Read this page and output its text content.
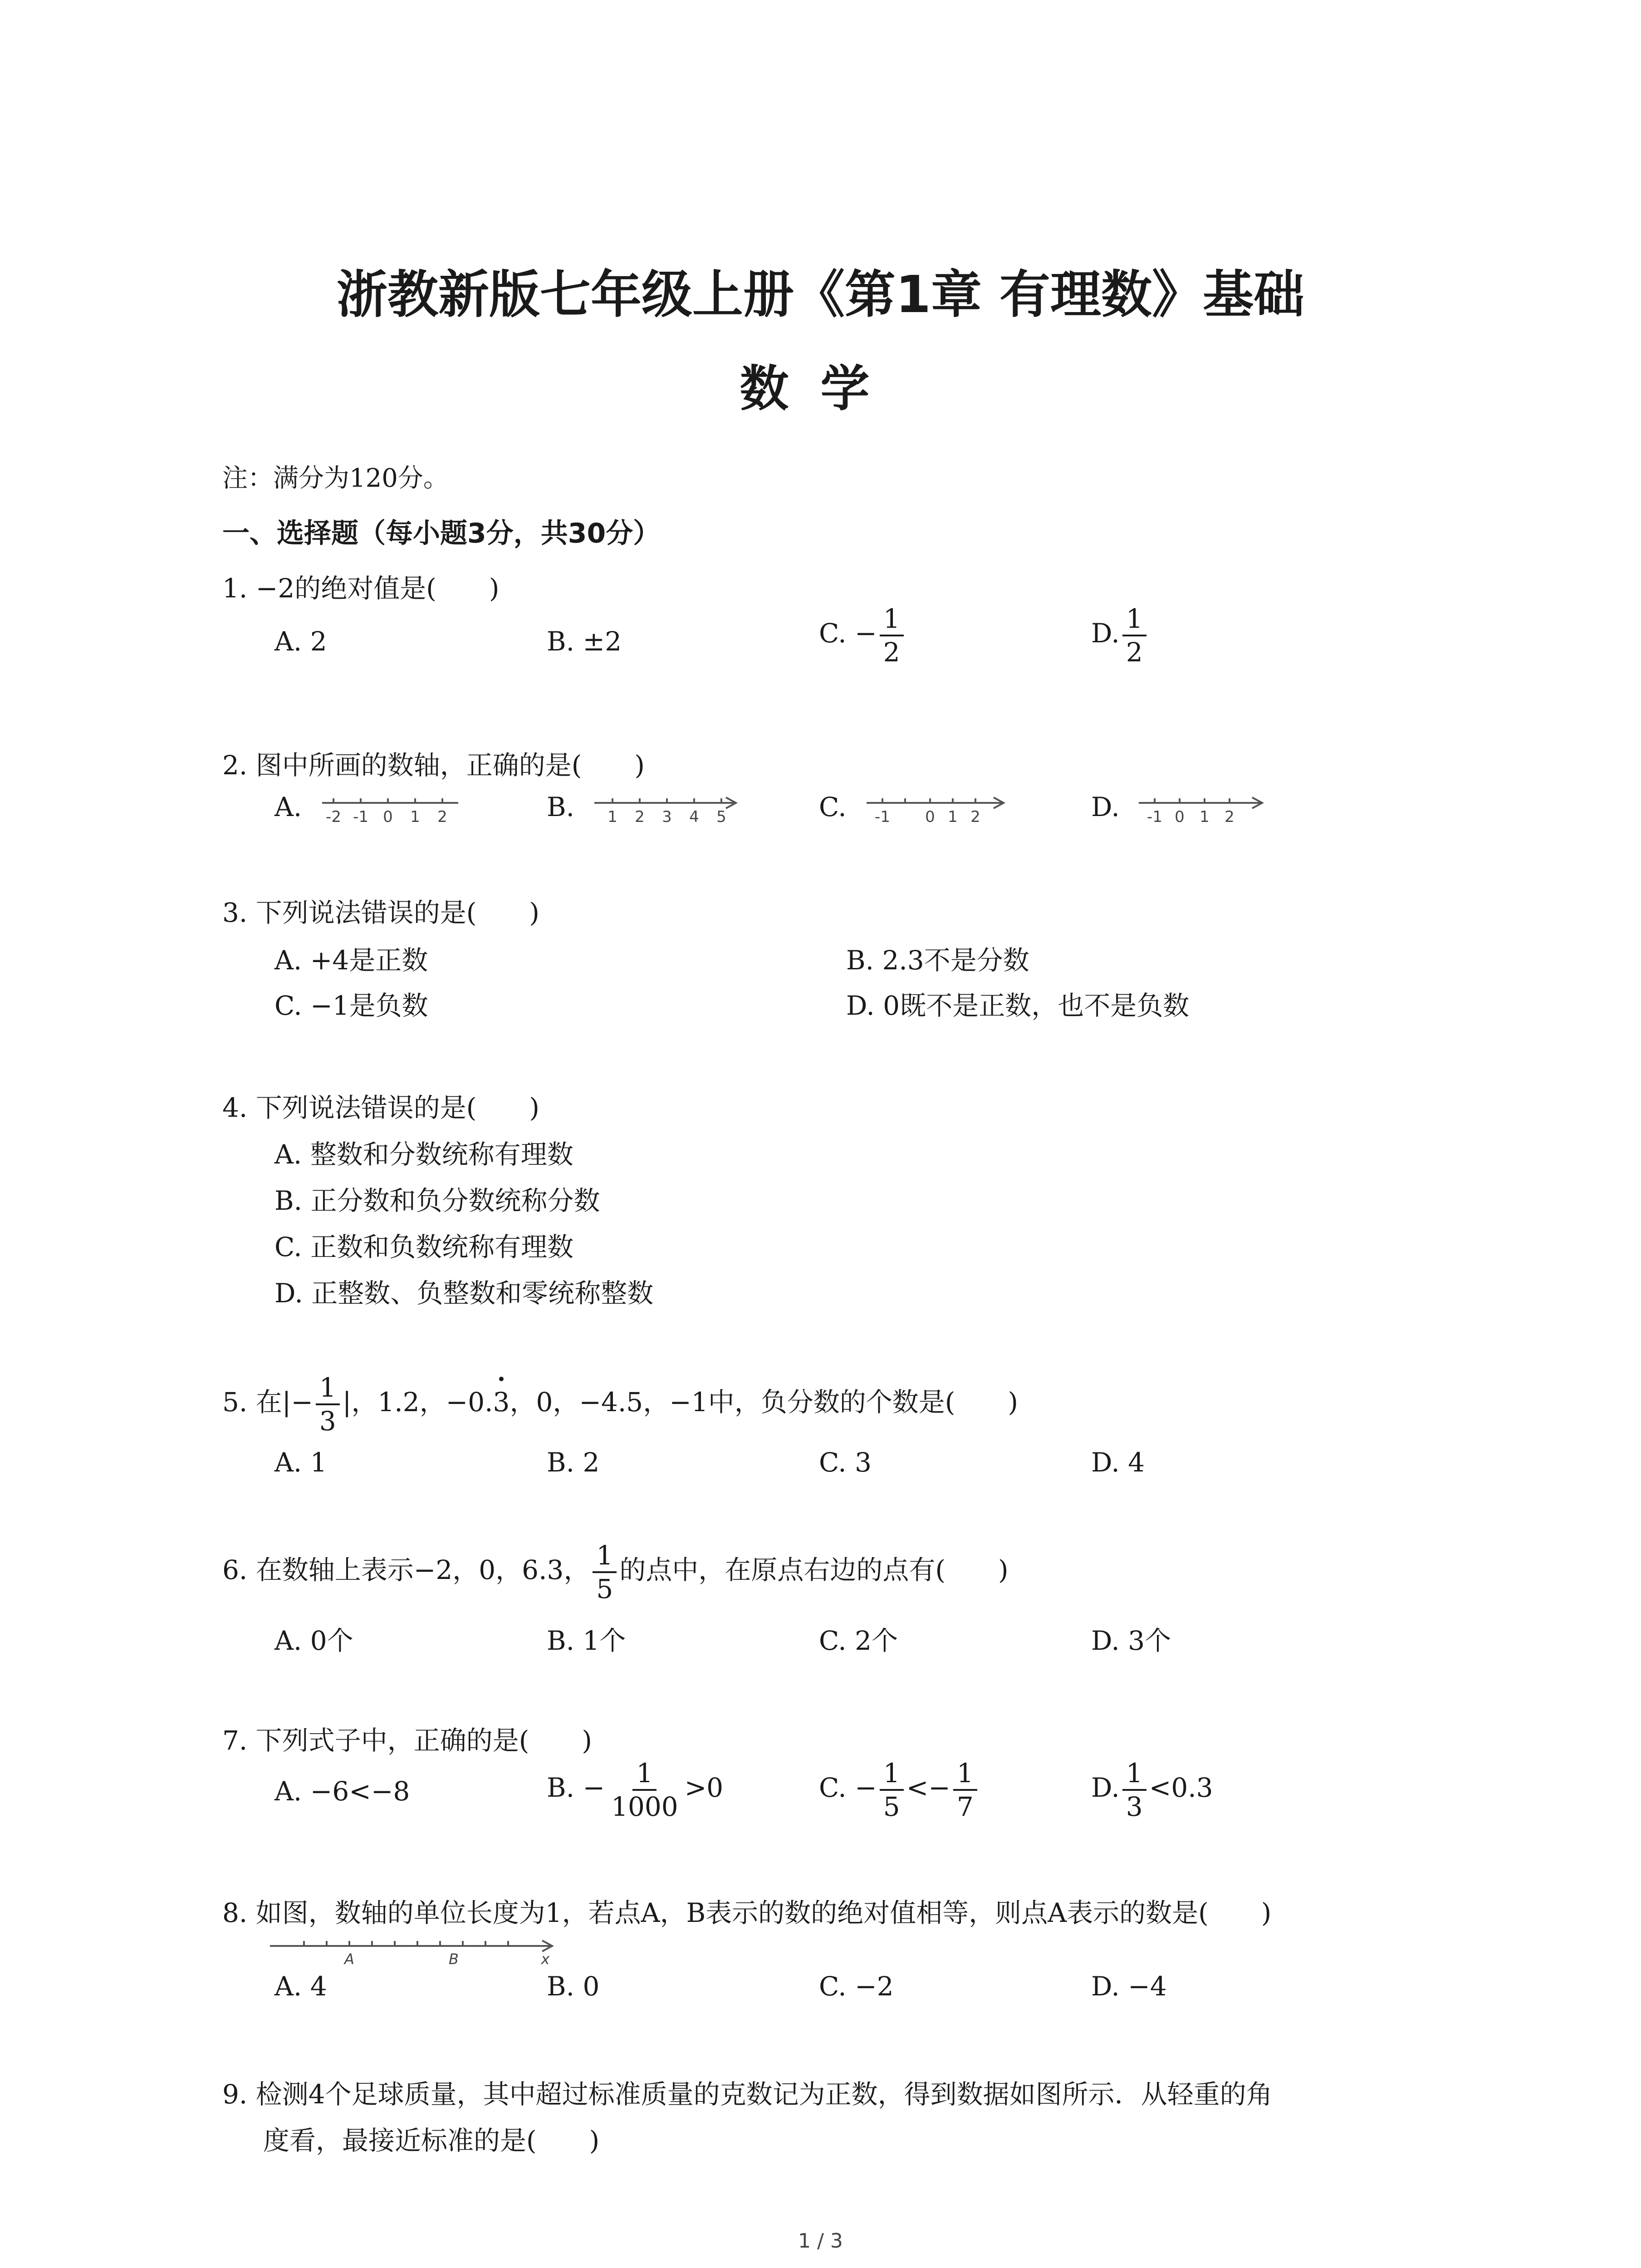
浙教新版七年级上册《第1章 有理数》基础
数学
注：满分为120分。
一、选择题（每小题3分，共30分）
1. −2的绝对值是(　　)
A. 2	B. ±2	C. − $\frac{1}{2}$	D. $\frac{1}{2}$
2. 图中所画的数轴，正确的是(　　)
A.	B.	C.	D.
-2 -1 0 1 2	1 2 3 4 5	-1 0 1 2	-1 0 1 2
3. 下列说法错误的是(　　)
A. +4是正数	B. 2.3不是分数
C. −1是负数	D. 0既不是正数，也不是负数
4. 下列说法错误的是(　　)
A. 整数和分数统称有理数
B. 正分数和负分数统称分数
C. 正数和负数统称有理数
D. 正整数、负整数和零统称整数
5. 在|− $\frac{1}{3}$ |，1.2，−0.3，0，−4.5，−1中，负分数的个数是(　　)
A. 1	B. 2	C. 3	D. 4
6. 在数轴上表示−2，0，6.3， $\frac{1}{5}$ 的点中，在原点右边的点有(　　)
A. 0个	B. 1个	C. 2个	D. 3个
7. 下列式子中，正确的是(　　)
A. −6<−8	B. − $\frac{1}{1000} >0$	C. − $\frac{1}{5} <- \frac{1}{7}$	D. $\frac{1}{3} <0.3$
8. 如图，数轴的单位长度为1，若点A，B表示的数的绝对值相等，则点A表示的数是(　　)
A	B	x
A. 4	B. 0	C. −2	D. −4
9. 检测4个足球质量，其中超过标准质量的克数记为正数，得到数据如图所示．从轻重的角
度看，最接近标准的是(　　)
1 / 3
